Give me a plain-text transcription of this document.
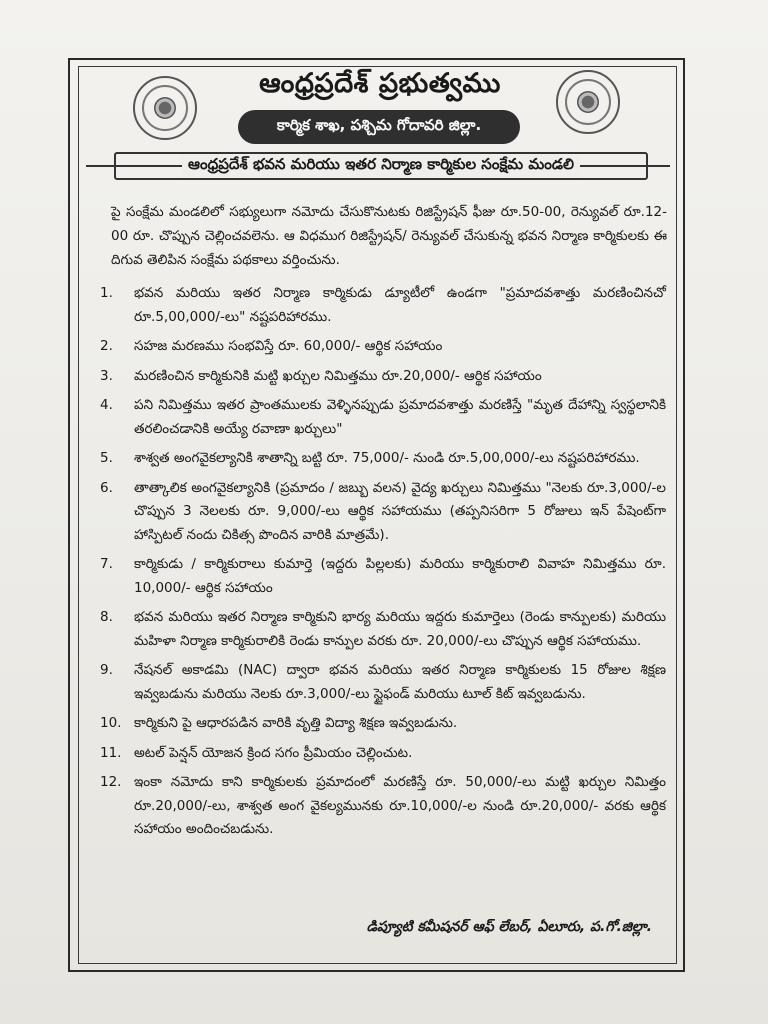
ఆంధ్రప్రదేశ్ ప్రభుత్వము
కార్మిక శాఖ, పశ్చిమ గోదావరి జిల్లా.
ఆంధ్రప్రదేశ్ భవన మరియు ఇతర నిర్మాణ కార్మికుల సంక్షేమ మండలి
పై సంక్షేమ మండలిలో సభ్యులుగా నమోదు చేసుకొనుటకు రిజిస్ట్రేషన్ ఫీజు రూ.50-00, రెన్యువల్ రూ.12-00 రూ. చొప్పున చెల్లించవలెను. ఆ విధముగ రిజిస్ట్రేషన్/ రెన్యువల్ చేసుకున్న భవన నిర్మాణ కార్మికులకు ఈ దిగువ తెలిపిన సంక్షేమ పథకాలు వర్తించును.
1.	భవన మరియు ఇతర నిర్మాణ కార్మికుడు డ్యూటీలో ఉండగా "ప్రమాదవశాత్తు మరణించినచో రూ.5,00,000/-లు" నష్టపరిహారము.
2.	సహజ మరణము సంభవిస్తే రూ. 60,000/- ఆర్థిక సహాయం
3.	మరణించిన కార్మికునికి మట్టి ఖర్చుల నిమిత్తము రూ.20,000/- ఆర్థిక సహాయం
4.	పని నిమిత్తము ఇతర ప్రాంతములకు వెళ్ళినప్పుడు ప్రమాదవశాత్తు మరణిస్తే "మృత దేహాన్ని స్వస్థలానికి తరలించడానికి అయ్యే రవాణా ఖర్చులు"
5.	శాశ్వత అంగవైకల్యానికి శాతాన్ని బట్టి రూ. 75,000/- నుండి రూ.5,00,000/-లు నష్టపరిహారము.
6.	తాత్కాలిక అంగవైకల్యానికి (ప్రమాదం / జబ్బు వలన) వైద్య ఖర్చులు నిమిత్తము "నెలకు రూ.3,000/-ల చొప్పున 3 నెలలకు రూ. 9,000/-లు ఆర్థిక సహాయము (తప్పనిసరిగా 5 రోజులు ఇన్ పేషెంట్‌గా హాస్పిటల్ నందు చికిత్స పొందిన వారికి మాత్రమే).
7.	కార్మికుడు / కార్మికురాలు కుమార్తె (ఇద్దరు పిల్లలకు) మరియు కార్మికురాలి వివాహ నిమిత్తము రూ. 10,000/- ఆర్థిక సహాయం
8.	భవన మరియు ఇతర నిర్మాణ కార్మికుని భార్య మరియు ఇద్దరు కుమార్తెలు (రెండు కాన్పులకు) మరియు మహిళా నిర్మాణ కార్మికురాలికి రెండు కాన్పుల వరకు రూ. 20,000/-లు చొప్పున ఆర్థిక సహాయము.
9.	నేషనల్ అకాడమి (NAC) ద్వారా భవన మరియు ఇతర నిర్మాణ కార్మికులకు 15 రోజుల శిక్షణ ఇవ్వబడును మరియు నెలకు రూ.3,000/-లు స్టైఫండ్ మరియు టూల్ కిట్ ఇవ్వబడును.
10. కార్మికుని పై ఆధారపడిన వారికి వృత్తి విద్యా శిక్షణ ఇవ్వబడును.
11. అటల్ పెన్షన్ యోజన క్రింద సగం ప్రీమియం చెల్లించుట.
12. ఇంకా నమోదు కాని కార్మికులకు ప్రమాదంలో మరణిస్తే రూ. 50,000/-లు మట్టి ఖర్చుల నిమిత్తం రూ.20,000/-లు, శాశ్వత అంగ వైకల్యమునకు రూ.10,000/-ల నుండి రూ.20,000/- వరకు ఆర్థిక సహాయం అందించబడును.
డిప్యూటి కమీషనర్ ఆఫ్ లేబర్, ఏలూరు, ప.గో.జిల్లా.
